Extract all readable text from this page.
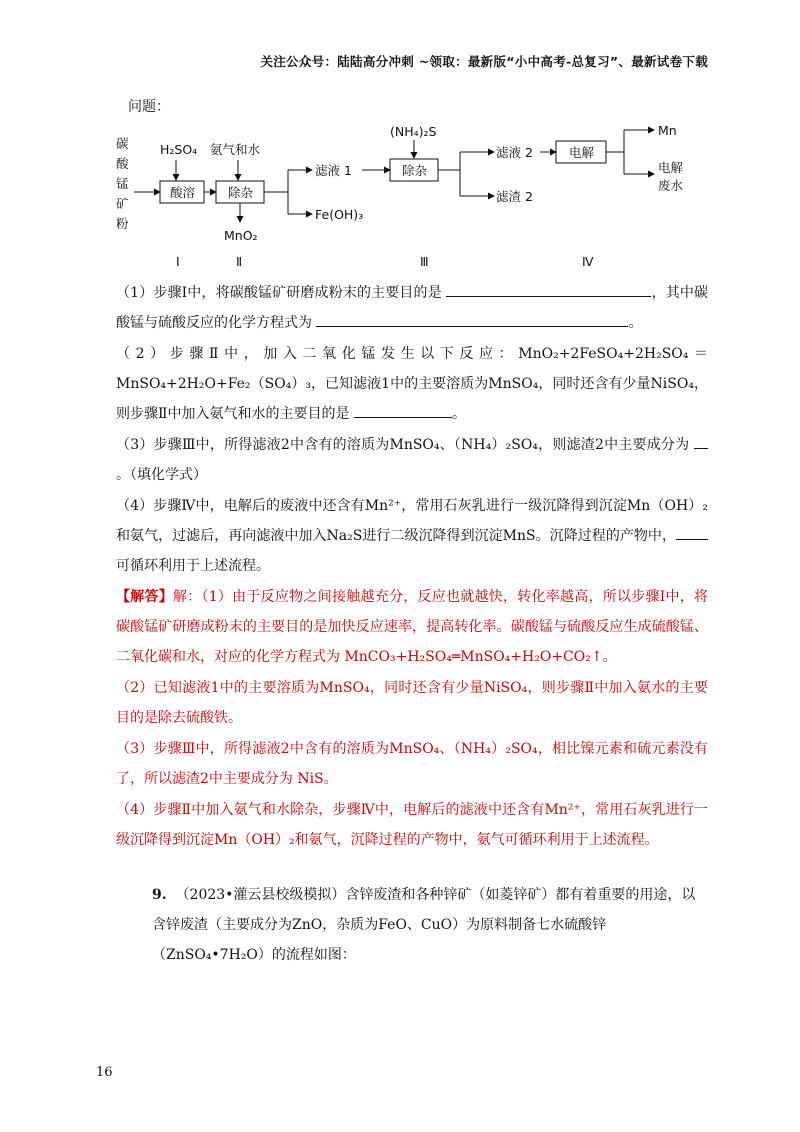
关注公众号：陆陆高分冲刺 ~领取：最新版“小中高考-总复习”、最新试卷下载
问题：
碳
酸
锰
矿
粉
H₂SO₄
酸溶
氨气和水
除杂
MnO₂
滤液 1
Fe(OH)₃
(NH₄)₂S
除杂
滤液 2
滤渣 2
电解
Mn
电解
废水
Ⅰ	Ⅱ	Ⅲ	Ⅳ

（1）步骤Ⅰ中，将碳酸锰矿研磨成粉末的主要目的是	，其中碳酸锰与硫酸反应的化学方程式为	。

（2）步骤Ⅱ中，加入二氧化锰发生以下反应：MnO₂+2FeSO₄+2H₂SO₄＝MnSO₄+2H₂O+Fe₂（SO₄）₃，已知滤液1中的主要溶质为MnSO₄，同时还含有少量NiSO₄，则步骤Ⅱ中加入氨气和水的主要目的是	。

（3）步骤Ⅲ中，所得滤液2中含有的溶质为MnSO₄、（NH₄）₂SO₄，则滤渣2中主要成分为 。（填化学式）

（4）步骤Ⅳ中，电解后的废液中还含有Mn²⁺，常用石灰乳进行一级沉降得到沉淀Mn（OH）₂和氨气，过滤后，再向滤液中加入Na₂S进行二级沉降得到沉淀MnS。沉降过程的产物中，可循环利用于上述流程。

【解答】解：（1）由于反应物之间接触越充分，反应也就越快，转化率越高，所以步骤Ⅰ中，将碳酸锰矿研磨成粉末的主要目的是加快反应速率，提高转化率。碳酸锰与硫酸反应生成硫酸锰、二氧化碳和水，对应的化学方程式为 MnCO₃+H₂SO₄═MnSO₄+H₂O+CO₂↑。

（2）已知滤液1中的主要溶质为MnSO₄，同时还含有少量NiSO₄，则步骤Ⅱ中加入氨水的主要目的是除去硫酸铁。

（3）步骤Ⅲ中，所得滤液2中含有的溶质为MnSO₄、（NH₄）₂SO₄，相比镍元素和硫元素没有了，所以滤渣2中主要成分为 NiS。

（4）步骤Ⅱ中加入氨气和水除杂，步骤Ⅳ中，电解后的滤液中还含有Mn²⁺，常用石灰乳进行一级沉降得到沉淀Mn（OH）₂和氨气，沉降过程的产物中，氨气可循环利用于上述流程。

9. （2023•灌云县校级模拟）含锌废渣和各种锌矿（如菱锌矿）都有着重要的用途，以含锌废渣（主要成分为ZnO，杂质为FeO、CuO）为原料制备七水硫酸锌（ZnSO₄•7H₂O）的流程如图：

16
